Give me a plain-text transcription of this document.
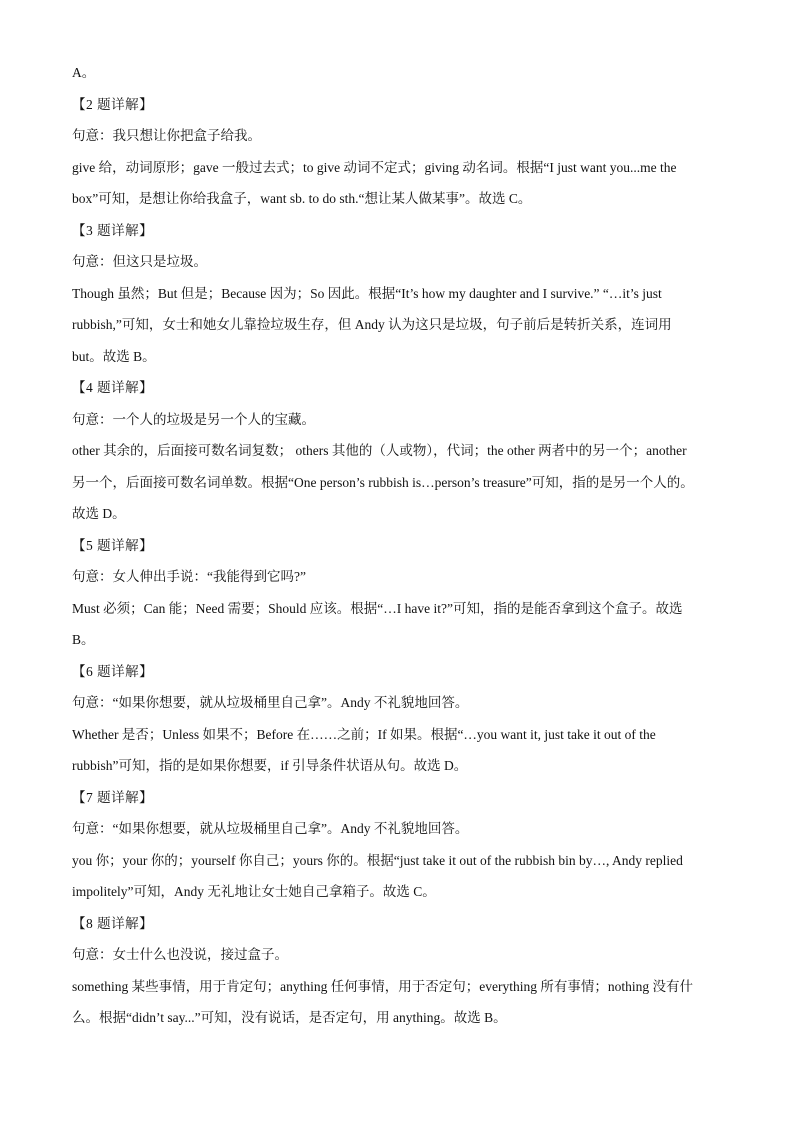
A。
【2 题详解】
句意：我只想让你把盒子给我。
give 给，动词原形；gave 一般过去式；to give 动词不定式；giving 动名词。根据“I just want you...me the
box”可知，是想让你给我盒子，want sb. to do sth.“想让某人做某事”。故选 C。
【3 题详解】
句意：但这只是垃圾。
Though 虽然；But 但是；Because 因为；So 因此。根据“It’s how my daughter and I survive.” “…it’s just
rubbish,”可知，女士和她女儿靠捡垃圾生存，但 Andy 认为这只是垃圾，句子前后是转折关系，连词用
but。故选 B。
【4 题详解】
句意：一个人的垃圾是另一个人的宝藏。
other 其余的，后面接可数名词复数； others 其他的（人或物），代词；the other 两者中的另一个；another
另一个，后面接可数名词单数。根据“One person’s rubbish is…person’s treasure”可知，指的是另一个人的。
故选 D。
【5 题详解】
句意：女人伸出手说：“我能得到它吗?”
Must 必须；Can 能；Need 需要；Should 应该。根据“…I have it?”可知，指的是能否拿到这个盒子。故选
B。
【6 题详解】
句意：“如果你想要，就从垃圾桶里自己拿”。Andy 不礼貌地回答。
Whether 是否；Unless 如果不；Before 在……之前；If 如果。根据“…you want it, just take it out of the
rubbish”可知，指的是如果你想要，if 引导条件状语从句。故选 D。
【7 题详解】
句意：“如果你想要，就从垃圾桶里自己拿”。Andy 不礼貌地回答。
you 你；your 你的；yourself 你自己；yours 你的。根据“just take it out of the rubbish bin by…, Andy replied
impolitely”可知，Andy 无礼地让女士她自己拿箱子。故选 C。
【8 题详解】
句意：女士什么也没说，接过盒子。
something 某些事情，用于肯定句；anything 任何事情，用于否定句；everything 所有事情；nothing 没有什
么。根据“didn’t say...”可知，没有说话，是否定句，用 anything。故选 B。
